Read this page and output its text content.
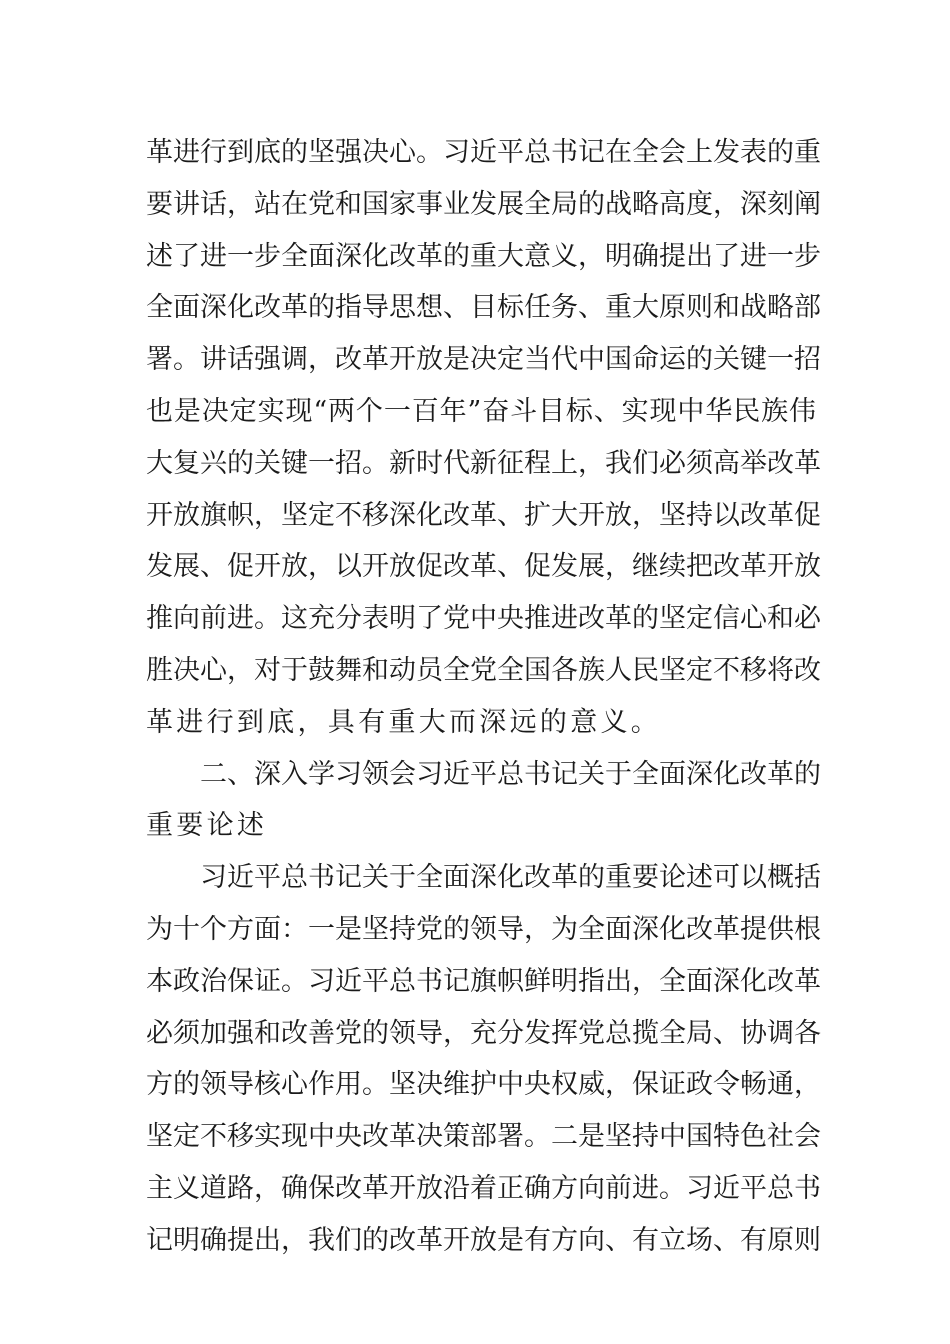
革进行到底的坚强决心。习近平总书记在全会上发表的重
要讲话，站在党和国家事业发展全局的战略高度，深刻阐
述了进一步全面深化改革的重大意义，明确提出了进一步
全面深化改革的指导思想、目标任务、重大原则和战略部
署。讲话强调，改革开放是决定当代中国命运的关键一招
也是决定实现“两个一百年”奋斗目标、实现中华民族伟
大复兴的关键一招。新时代新征程上，我们必须高举改革
开放旗帜，坚定不移深化改革、扩大开放，坚持以改革促
发展、促开放，以开放促改革、促发展，继续把改革开放
推向前进。这充分表明了党中央推进改革的坚定信心和必
胜决心，对于鼓舞和动员全党全国各族人民坚定不移将改
革进行到底，具有重大而深远的意义。
二、深入学习领会习近平总书记关于全面深化改革的
重要论述
习近平总书记关于全面深化改革的重要论述可以概括
为十个方面：一是坚持党的领导，为全面深化改革提供根
本政治保证。习近平总书记旗帜鲜明指出，全面深化改革
必须加强和改善党的领导，充分发挥党总揽全局、协调各
方的领导核心作用。坚决维护中央权威，保证政令畅通，
坚定不移实现中央改革决策部署。二是坚持中国特色社会
主义道路，确保改革开放沿着正确方向前进。习近平总书
记明确提出，我们的改革开放是有方向、有立场、有原则
